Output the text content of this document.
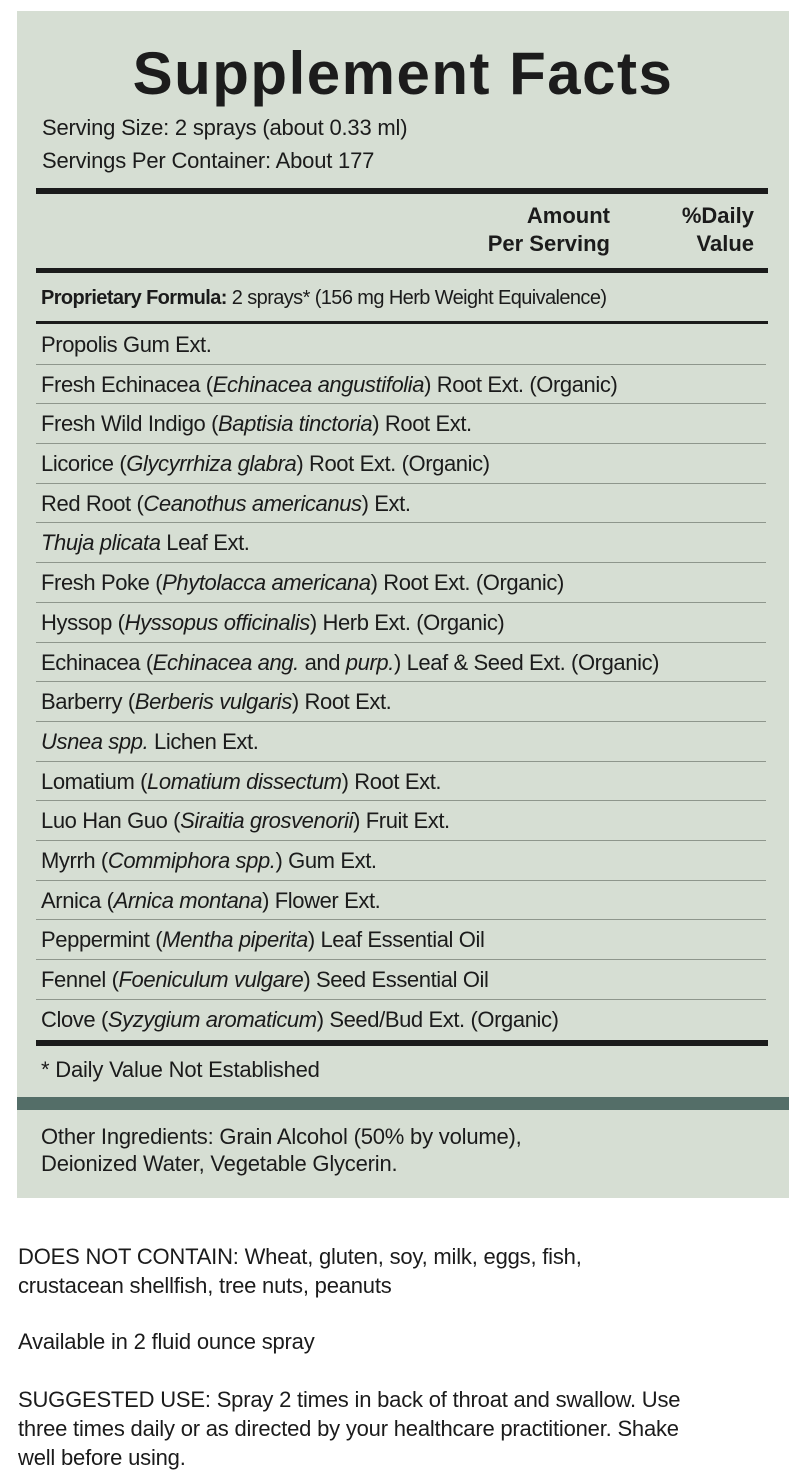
Supplement Facts
Serving Size: 2 sprays (about 0.33 ml)
Servings Per Container: About 177
Amount
Per Serving
%Daily
Value
Proprietary Formula: 2 sprays* (156 mg Herb Weight Equivalence)
Propolis Gum Ext.
Fresh Echinacea (Echinacea angustifolia) Root Ext. (Organic)
Fresh Wild Indigo (Baptisia tinctoria) Root Ext.
Licorice (Glycyrrhiza glabra) Root Ext. (Organic)
Red Root (Ceanothus americanus) Ext.
Thuja plicata Leaf Ext.
Fresh Poke (Phytolacca americana) Root Ext. (Organic)
Hyssop (Hyssopus officinalis) Herb Ext. (Organic)
Echinacea (Echinacea ang. and purp.) Leaf & Seed Ext. (Organic)
Barberry (Berberis vulgaris) Root Ext.
Usnea spp. Lichen Ext.
Lomatium (Lomatium dissectum) Root Ext.
Luo Han Guo (Siraitia grosvenorii) Fruit Ext.
Myrrh (Commiphora spp.) Gum Ext.
Arnica (Arnica montana) Flower Ext.
Peppermint (Mentha piperita) Leaf Essential Oil
Fennel (Foeniculum vulgare) Seed Essential Oil
Clove (Syzygium aromaticum) Seed/Bud Ext. (Organic)
* Daily Value Not Established
Other Ingredients: Grain Alcohol (50% by volume),
Deionized Water, Vegetable Glycerin.
DOES NOT CONTAIN: Wheat, gluten, soy, milk, eggs, fish,
crustacean shellfish, tree nuts, peanuts
Available in 2 fluid ounce spray
SUGGESTED USE: Spray 2 times in back of throat and swallow. Use
three times daily or as directed by your healthcare practitioner. Shake
well before using.
